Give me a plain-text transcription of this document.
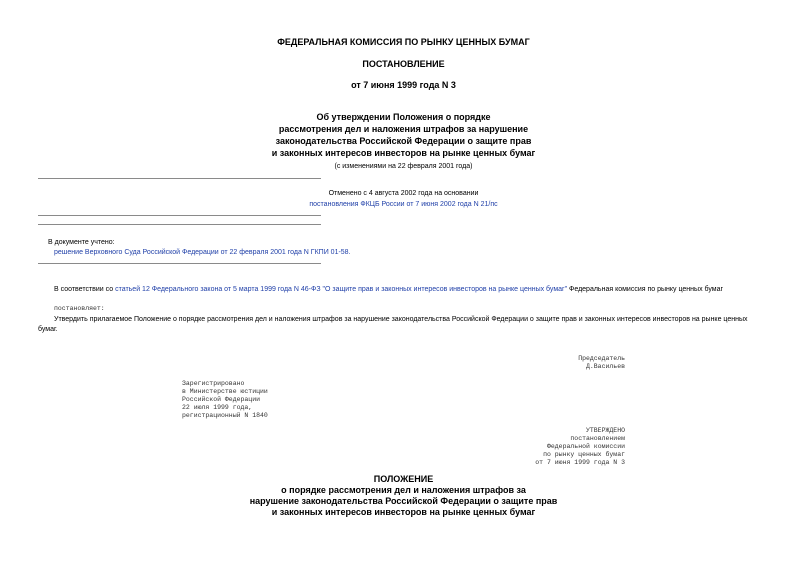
ФЕДЕРАЛЬНАЯ КОМИССИЯ ПО РЫНКУ ЦЕННЫХ БУМАГ
ПОСТАНОВЛЕНИЕ
от 7 июня 1999 года N 3
Об утверждении Положения о порядке
рассмотрения дел и наложения штрафов за нарушение
законодательства Российской Федерации о защите прав
и законных интересов инвесторов на рынке ценных бумаг
(с изменениями на 22 февраля 2001 года)
Отменено с 4 августа 2002 года на основании
постановления ФКЦБ России от 7 июня 2002 года N 21/пс
В документе учтено:
решение Верховного Суда Российской Федерации от 22 февраля 2001 года N ГКПИ 01-58.
В соответствии со статьей 12 Федерального закона от 5 марта 1999 года N 46-ФЗ "О защите прав и законных интересов инвесторов на рынке ценных бумаг" Федеральная комиссия по рынку ценных бумаг
постановляет:
Утвердить прилагаемое Положение о порядке рассмотрения дел и наложения штрафов за нарушение законодательства Российской Федерации о защите прав и законных интересов инвесторов на рынке ценных
бумаг.
Председатель
Д.Васильев
Зарегистрировано
в Министерстве юстиции
Российской Федерации
22 июля 1999 года,
регистрационный N 1840
УТВЕРЖДЕНО
постановлением
Федеральной комиссии
по рынку ценных бумаг
от 7 июня 1999 года N 3
ПОЛОЖЕНИЕ
о порядке рассмотрения дел и наложения штрафов за
нарушение законодательства Российской Федерации о защите прав
и законных интересов инвесторов на рынке ценных бумаг
